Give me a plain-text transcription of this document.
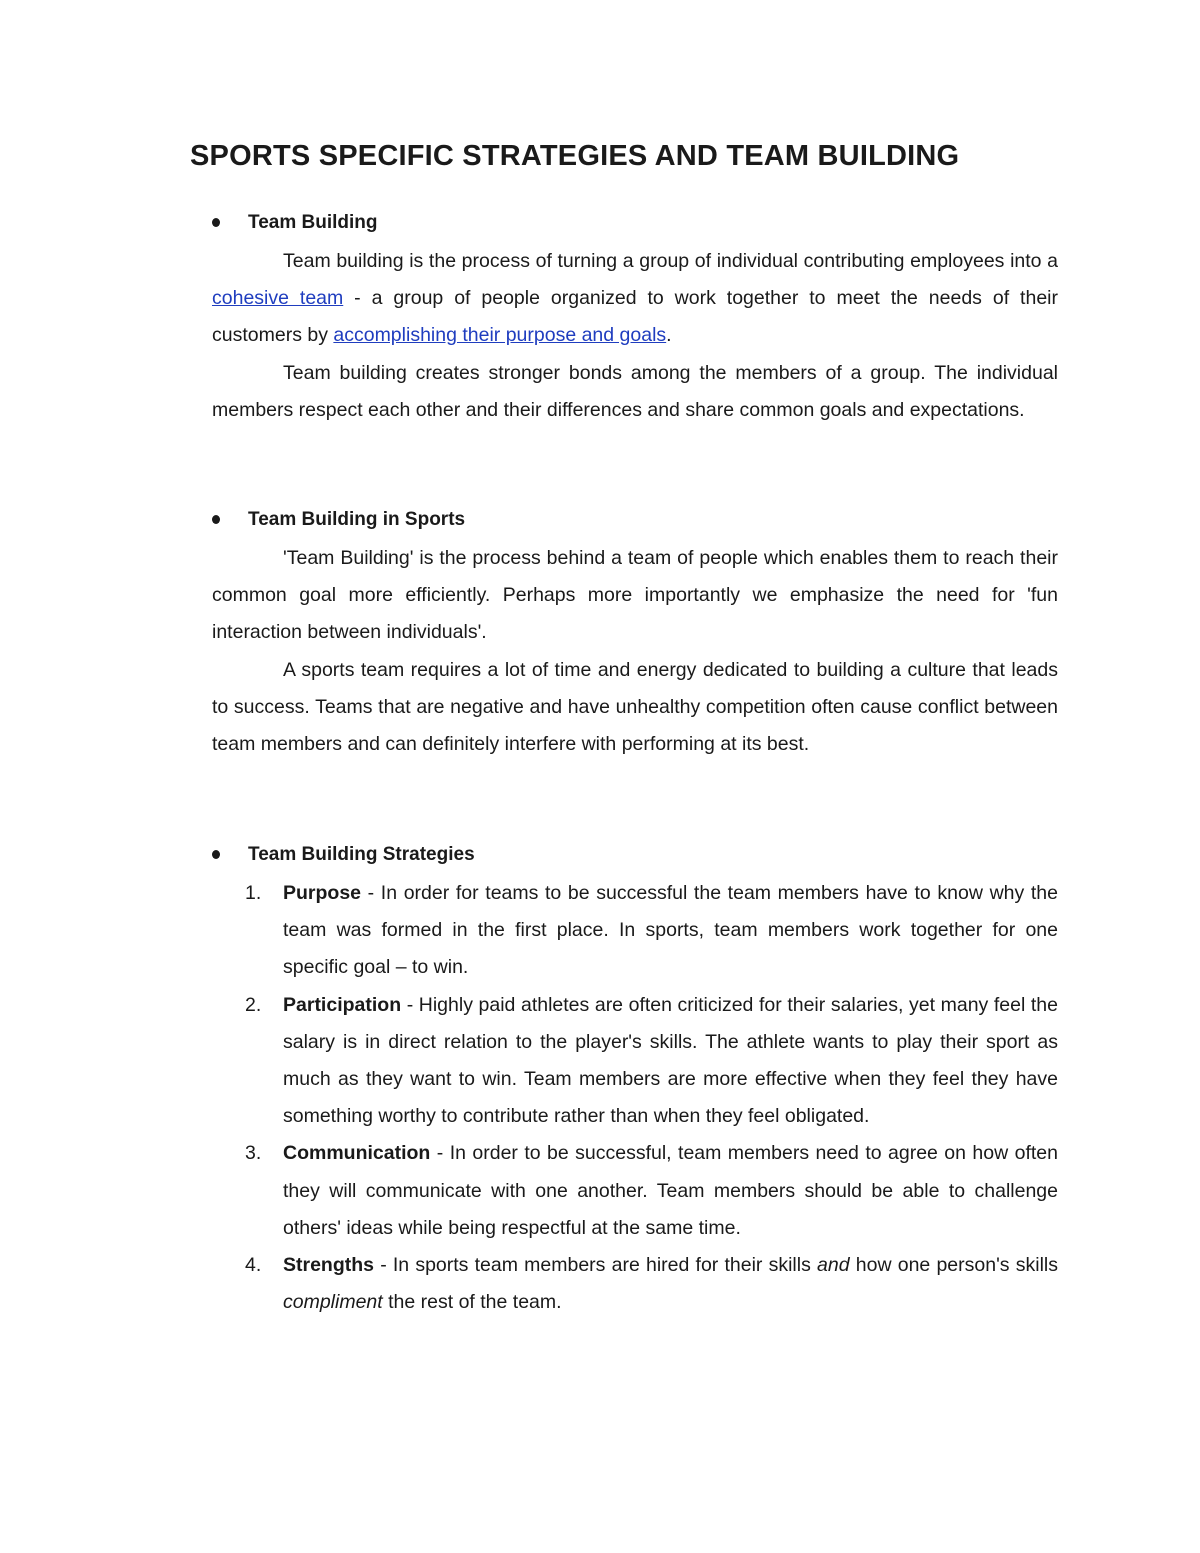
SPORTS SPECIFIC STRATEGIES AND TEAM BUILDING
Team Building

Team building is the process of turning a group of individual contributing employees into a cohesive team - a group of people organized to work together to meet the needs of their customers by accomplishing their purpose and goals.

Team building creates stronger bonds among the members of a group. The individual members respect each other and their differences and share common goals and expectations.

Team Building in Sports

'Team Building' is the process behind a team of people which enables them to reach their common goal more efficiently. Perhaps more importantly we emphasize the need for 'fun interaction between individuals'.

A sports team requires a lot of time and energy dedicated to building a culture that leads to success. Teams that are negative and have unhealthy competition often cause conflict between team members and can definitely interfere with performing at its best.

Team Building Strategies
1. Purpose - In order for teams to be successful the team members have to know why the team was formed in the first place. In sports, team members work together for one specific goal – to win.

2. Participation - Highly paid athletes are often criticized for their salaries, yet many feel the salary is in direct relation to the player's skills. The athlete wants to play their sport as much as they want to win. Team members are more effective when they feel they have something worthy to contribute rather than when they feel obligated.

3. Communication - In order to be successful, team members need to agree on how often they will communicate with one another. Team members should be able to challenge others' ideas while being respectful at the same time.

4. Strengths - In sports team members are hired for their skills and how one person's skills compliment the rest of the team.
